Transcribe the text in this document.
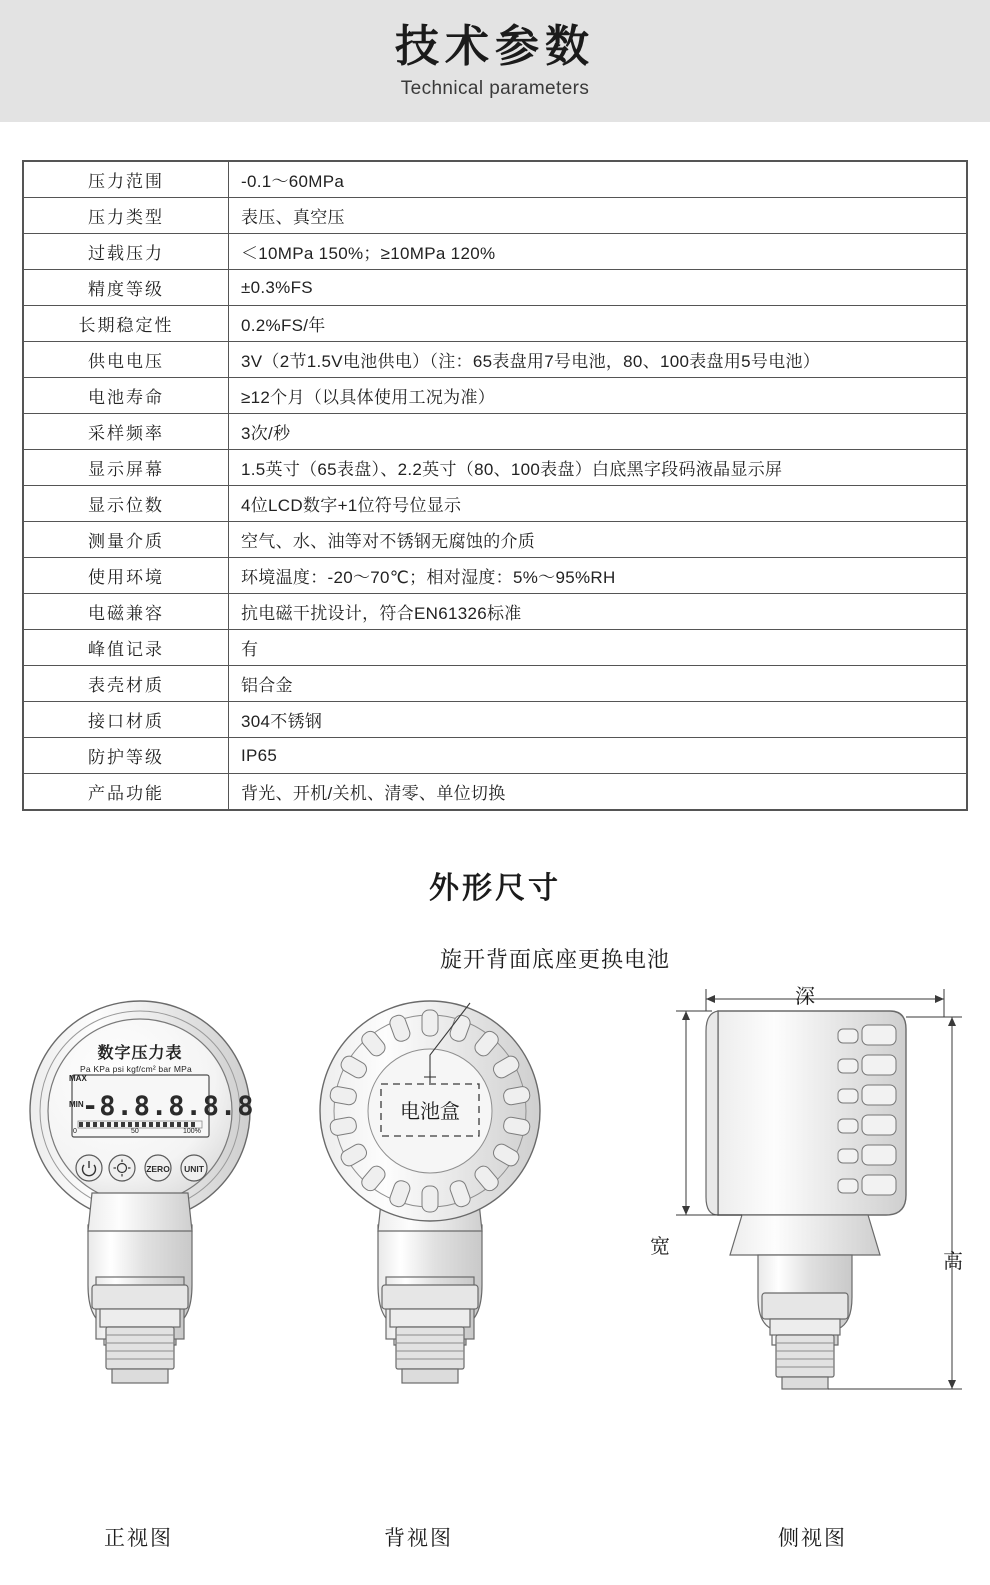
技术参数
Technical parameters
压力范围	-0.1～60MPa
压力类型	表压、真空压
过载压力	＜10MPa 150%；≥10MPa 120%
精度等级	±0.3%FS
长期稳定性	0.2%FS/年
供电电压	3V（2节1.5V电池供电）（注：65表盘用7号电池，80、100表盘用5号电池）
电池寿命	≥12个月（以具体使用工况为准）
采样频率	3次/秒
显示屏幕	1.5英寸（65表盘）、2.2英寸（80、100表盘）白底黑字段码液晶显示屏
显示位数	4位LCD数字+1位符号位显示
测量介质	空气、水、油等对不锈钢无腐蚀的介质
使用环境	环境温度：-20～70℃；相对湿度：5%～95%RH
电磁兼容	抗电磁干扰设计，符合EN61326标准
峰值记录	有
表壳材质	铝合金
接口材质	304不锈钢
防护等级	IP65
产品功能	背光、开机/关机、清零、单位切换
外形尺寸
旋开背面底座更换电池
-8.8.8.8.8
ZERO UNIT
电池盒
深
宽
高
正视图	背视图	侧视图
数字压力表
Pa KPa psi kgf/cm² bar MPa
MAX
MIN
0	50	100%
